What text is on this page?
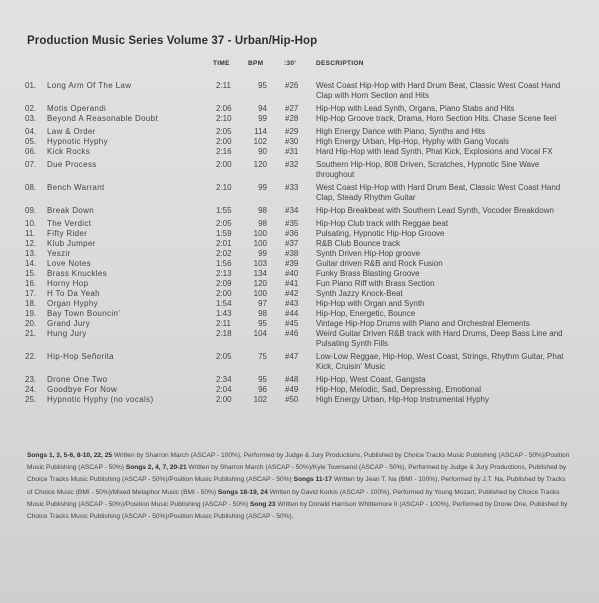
Production Music Series Volume 37 - Urban/Hip-Hop
TIME	BPM	:30’	DESCRIPTION
01. Long Arm Of The Law	2:11	95 #26 West Coast Hip-Hop with Hard Drum Beat, Classic West Coast Hand Clap with Horn Section and Hits
02. Motis Operandi	2:06	94 #27 Hip-Hop with Lead Synth, Organs, Piano Stabs and Hits
03. Beyond A Reasonable Doubt	2:10	99 #28 Hip-Hop Groove track, Drama, Horn Section Hits. Chase Scene feel
04. Law & Order	2:05	114 #29 High Energy Dance with Piano, Synths and Hits
05. Hypnotic Hyphy	2:00	102 #30 High Energy Urban, Hip-Hop, Hyphy with Gang Vocals
06. Kick Rocks	2:16	90 #31 Hard Hip-Hop with lead Synth, Phat Kick, Explosions and Vocal FX
07. Due Process	2:00	120 #32 Southern Hip-Hop, 808 Driven, Scratches, Hypnotic Sine Wave throughout
08. Bench Warrant	2:10	99 #33 West Coast Hip-Hop with Hard Drum Beat, Classic West Coast Hand Clap, Steady Rhythm Guitar
09. Break Down	1:55	98 #34 Hip-Hop Breakbeat with Southern Lead Synth, Vocoder Breakdown
10. The Verdict	2:05	98 #35 Hip-Hop Club track with Reggae beat
11. Fifty Rider	1:59	100 #36 Pulsating, Hypnotic Hip-Hop Groove
12. Klub Jumper	2:01	100 #37 R&B Club Bounce track
13. Yeszir	2:02	99 #38 Synth Driven Hip-Hop groove
14. Love Notes	1:56	103 #39 Guitar driven R&B and Rock Fusion
15. Brass Knuckles	2:13	134 #40 Funky Brass Blasting Groove
16. Horny Hop	2:09	120 #41 Fun Piano Riff with Brass Section
17. H To Da Yeah	2:00	100 #42 Synth Jazzy Knock-Beat
18. Organ Hyphy	1:54	97 #43 Hip-Hop with Organ and Synth
19. Bay Town Bouncin'	1:43	98 #44 Hip-Hop, Energetic, Bounce
20. Grand Jury	2:11	95 #45 Vintage Hip-Hop Drums with Piano and Orchestral Elements
21. Hung Jury	2:18	104 #46 Weird Guitar Driven R&B track with Hard Drums, Deep Bass Line and Pulsating Synth Fills
22. Hip-Hop Señorita	2:05	75 #47 Low-Low Reggae, Hip-Hop, West Coast, Strings, Rhythm Guitar, Phat Kick, Cruisin' Music
23. Drone One Two	2:34	95 #48 Hip-Hop, West Coast, Gangsta
24. Goodbye For Now	2:04	96 #49 Hip-Hop, Melodic, Sad, Depressing, Emotional
25. Hypnotic Hyphy (no vocals)	2:00	102 #50 High Energy Urban, Hip-Hop Instrumental Hyphy
Songs 1, 3, 5-6, 8-10, 22, 25 Written by Sharron March (ASCAP - 100%), Performed by Judge & Jury Productions, Published by Choice Tracks Music Publishing (ASCAP - 50%)/Position Music Publishing (ASCAP - 50%) Songs 2, 4, 7, 20-21 Written by Sharron March (ASCAP - 50%)/Kyle Townsend (ASCAP - 50%), Performed by Judge & Jury Productions, Published by Choice Tracks Music Publishing (ASCAP - 50%)/Position Music Publishing (ASCAP - 50%) Songs 11-17 Written by Jean T. Na (BMI - 100%), Performed by J.T. Na, Published by Tracks of Choice Music (BMI - 50%)/Mixed Metaphor Music (BMI - 50%) Songs 18-19, 24 Written by David Korkis (ASCAP - 100%), Performed by Young Mozart, Published by Choice Tracks Music Publishing (ASCAP - 50%)/Position Music Publishing (ASCAP - 50%) Song 23 Written by Donald Harrison Whittemore II (ASCAP - 100%), Performed by Drone One, Published by Choice Tracks Music Publishing (ASCAP - 50%)/Position Music Publishing (ASCAP - 50%).
